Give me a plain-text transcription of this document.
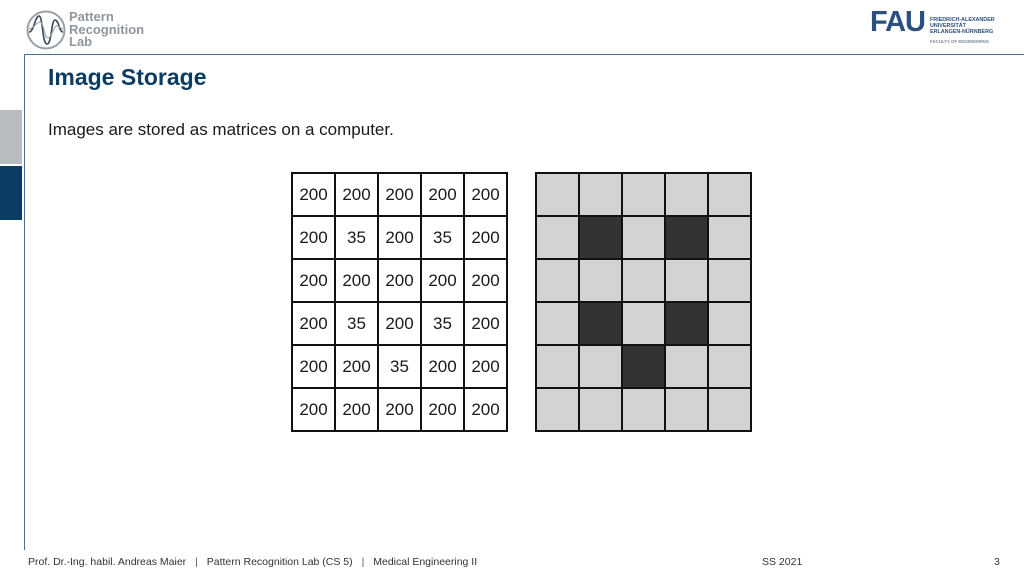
Pattern
Recognition
Lab
FAU FRIEDRICH-ALEXANDER
UNIVERSITÄT
ERLANGEN-NÜRNBERG
FACULTY OF ENGINEERING
Image Storage
Images are stored as matrices on a computer.
200	200	200	200	200
200	35	200	35	200
200	200	200	200	200
200	35	200	35	200
200	200	35	200	200
200	200	200	200	200

Prof. Dr.-Ing. habil. Andreas Maier | Pattern Recognition Lab (CS 5) | Medical Engineering II	SS 2021	3
